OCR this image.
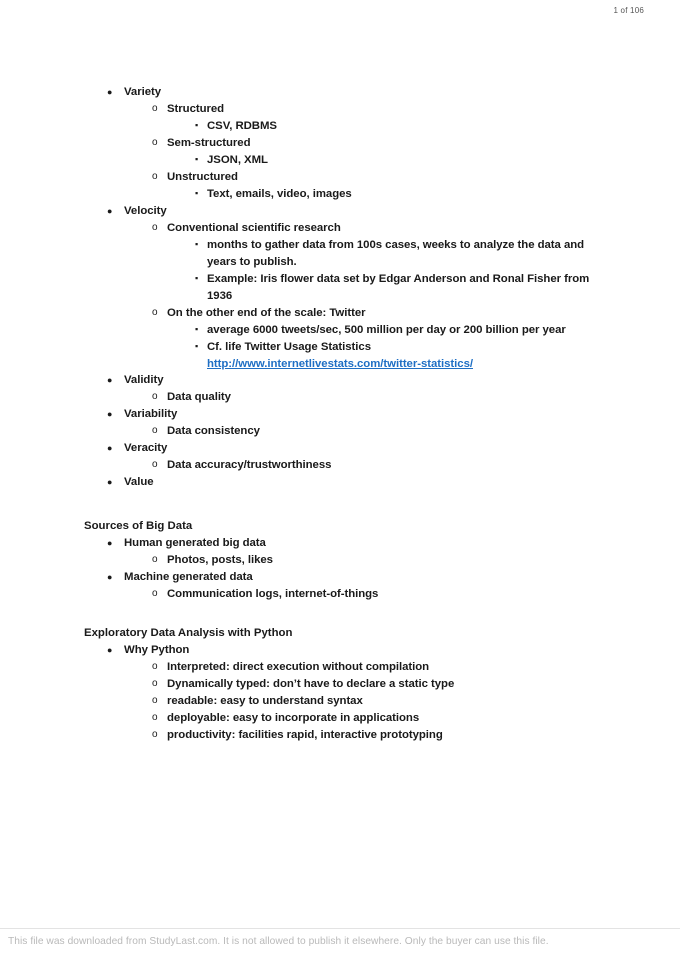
1 of 106
●
Variety
o
Structured
▪
CSV, RDBMS
o
Sem-structured
▪
JSON, XML
o
Unstructured
▪
Text, emails, video, images
●
Velocity
o
Conventional scientific research
▪
months to gather data from 100s cases, weeks to analyze the data and years to publish.
▪
Example: Iris flower data set by Edgar Anderson and Ronal Fisher from 1936
o
On the other end of the scale: Twitter
▪
average 6000 tweets/sec, 500 million per day or 200 billion per year
▪
Cf. life Twitter Usage Statistics
http://www.internetlivestats.com/twitter-statistics/
●
Validity
o
Data quality
●
Variability
o
Data consistency
●
Veracity
o
Data accuracy/trustworthiness
●
Value
Sources of Big Data
●
Human generated big data
o
Photos, posts, likes
●
Machine generated data
o
Communication logs, internet-of-things
Exploratory Data Analysis with Python
●
Why Python
o
Interpreted: direct execution without compilation
o
Dynamically typed: don’t have to declare a static type
o
readable: easy to understand syntax
o
deployable: easy to incorporate in applications
o
productivity: facilities rapid, interactive prototyping
This file was downloaded from StudyLast.com. It is not allowed to publish it elsewhere. Only the buyer can use this file.
